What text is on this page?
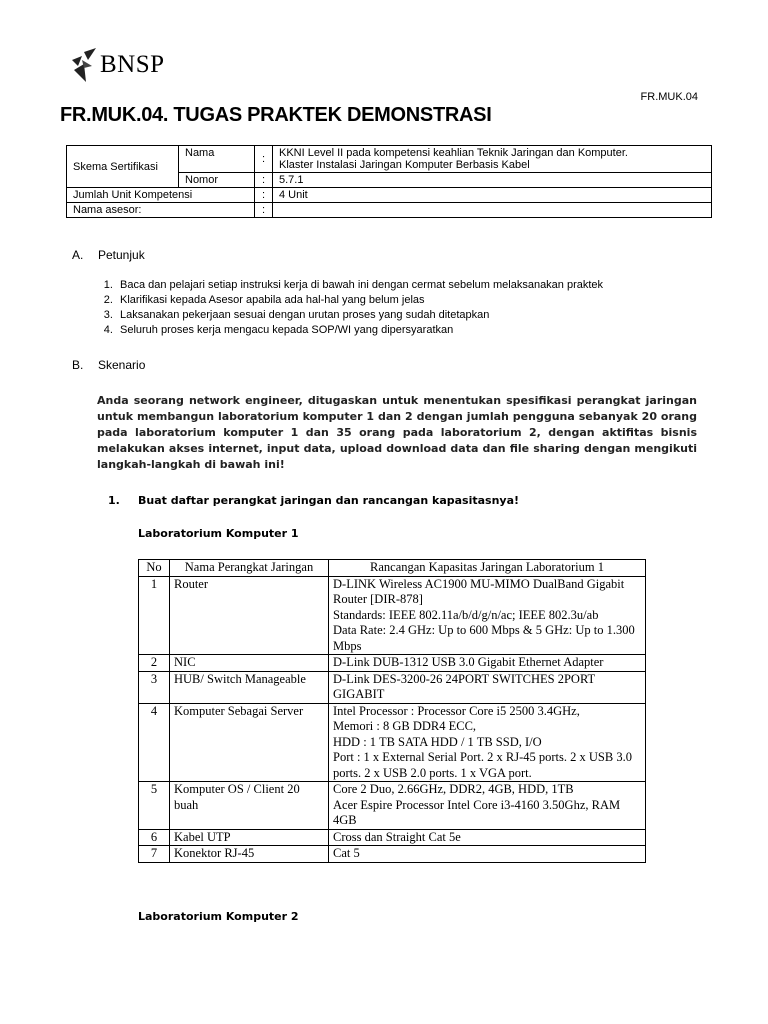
BNSP
FR.MUK.04
FR.MUK.04. TUGAS PRAKTEK DEMONSTRASI
Skema Sertifikasi	Nama	:	KKNI Level II pada kompetensi keahlian Teknik Jaringan dan Komputer.
Klaster Instalasi Jaringan Komputer Berbasis Kabel

	Nomor	:	5.7.1
Jumlah Unit Kompetensi		:	4 Unit
Nama asesor:		:	
A. Petunjuk
1. Baca dan pelajari setiap instruksi kerja di bawah ini dengan cermat sebelum melaksanakan praktek
2. Klarifikasi kepada Asesor apabila ada hal-hal yang belum jelas
3. Laksanakan pekerjaan sesuai dengan urutan proses yang sudah ditetapkan
4. Seluruh proses kerja mengacu kepada SOP/WI yang dipersyaratkan
B. Skenario
Anda seorang network engineer, ditugaskan untuk menentukan spesifikasi perangkat jaringan untuk membangun laboratorium komputer 1 dan 2 dengan jumlah pengguna sebanyak 20 orang pada laboratorium komputer 1 dan 35 orang pada laboratorium 2, dengan aktifitas bisnis melakukan akses internet, input data, upload download data dan file sharing dengan mengikuti langkah-langkah di bawah ini!
1. Buat daftar perangkat jaringan dan rancangan kapasitasnya!
Laboratorium Komputer 1
No	Nama Perangkat Jaringan	Rancangan Kapasitas Jaringan Laboratorium 1
1	Router	D-LINK Wireless AC1900 MU-MIMO DualBand Gigabit Router [DIR-878]
Standards: IEEE 802.11a/b/d/g/n/ac; IEEE 802.3u/ab
Data Rate: 2.4 GHz: Up to 600 Mbps & 5 GHz: Up to 1.300 Mbps

2	NIC	D-Link DUB-1312 USB 3.0 Gigabit Ethernet Adapter

3	HUB/ Switch Manageable	D-Link DES-3200-26 24PORT SWITCHES 2PORT GIGABIT

4	Komputer Sebagai Server	Intel Processor : Processor Core i5 2500 3.4GHz,
Memori : 8 GB DDR4 ECC,
HDD : 1 TB SATA HDD / 1 TB SSD, I/O
Port : 1 x External Serial Port. 2 x RJ-45 ports. 2 x USB 3.0 ports. 2 x USB 2.0 ports. 1 x VGA port.

5	Komputer OS / Client 20 buah	Core 2 Duo, 2.66GHz, DDR2, 4GB, HDD, 1TB
Acer Espire Processor Intel Core i3-4160 3.50Ghz, RAM 4GB

6	Kabel UTP	Cross dan Straight Cat 5e

7	Konektor RJ-45	Cat 5
Laboratorium Komputer 2
